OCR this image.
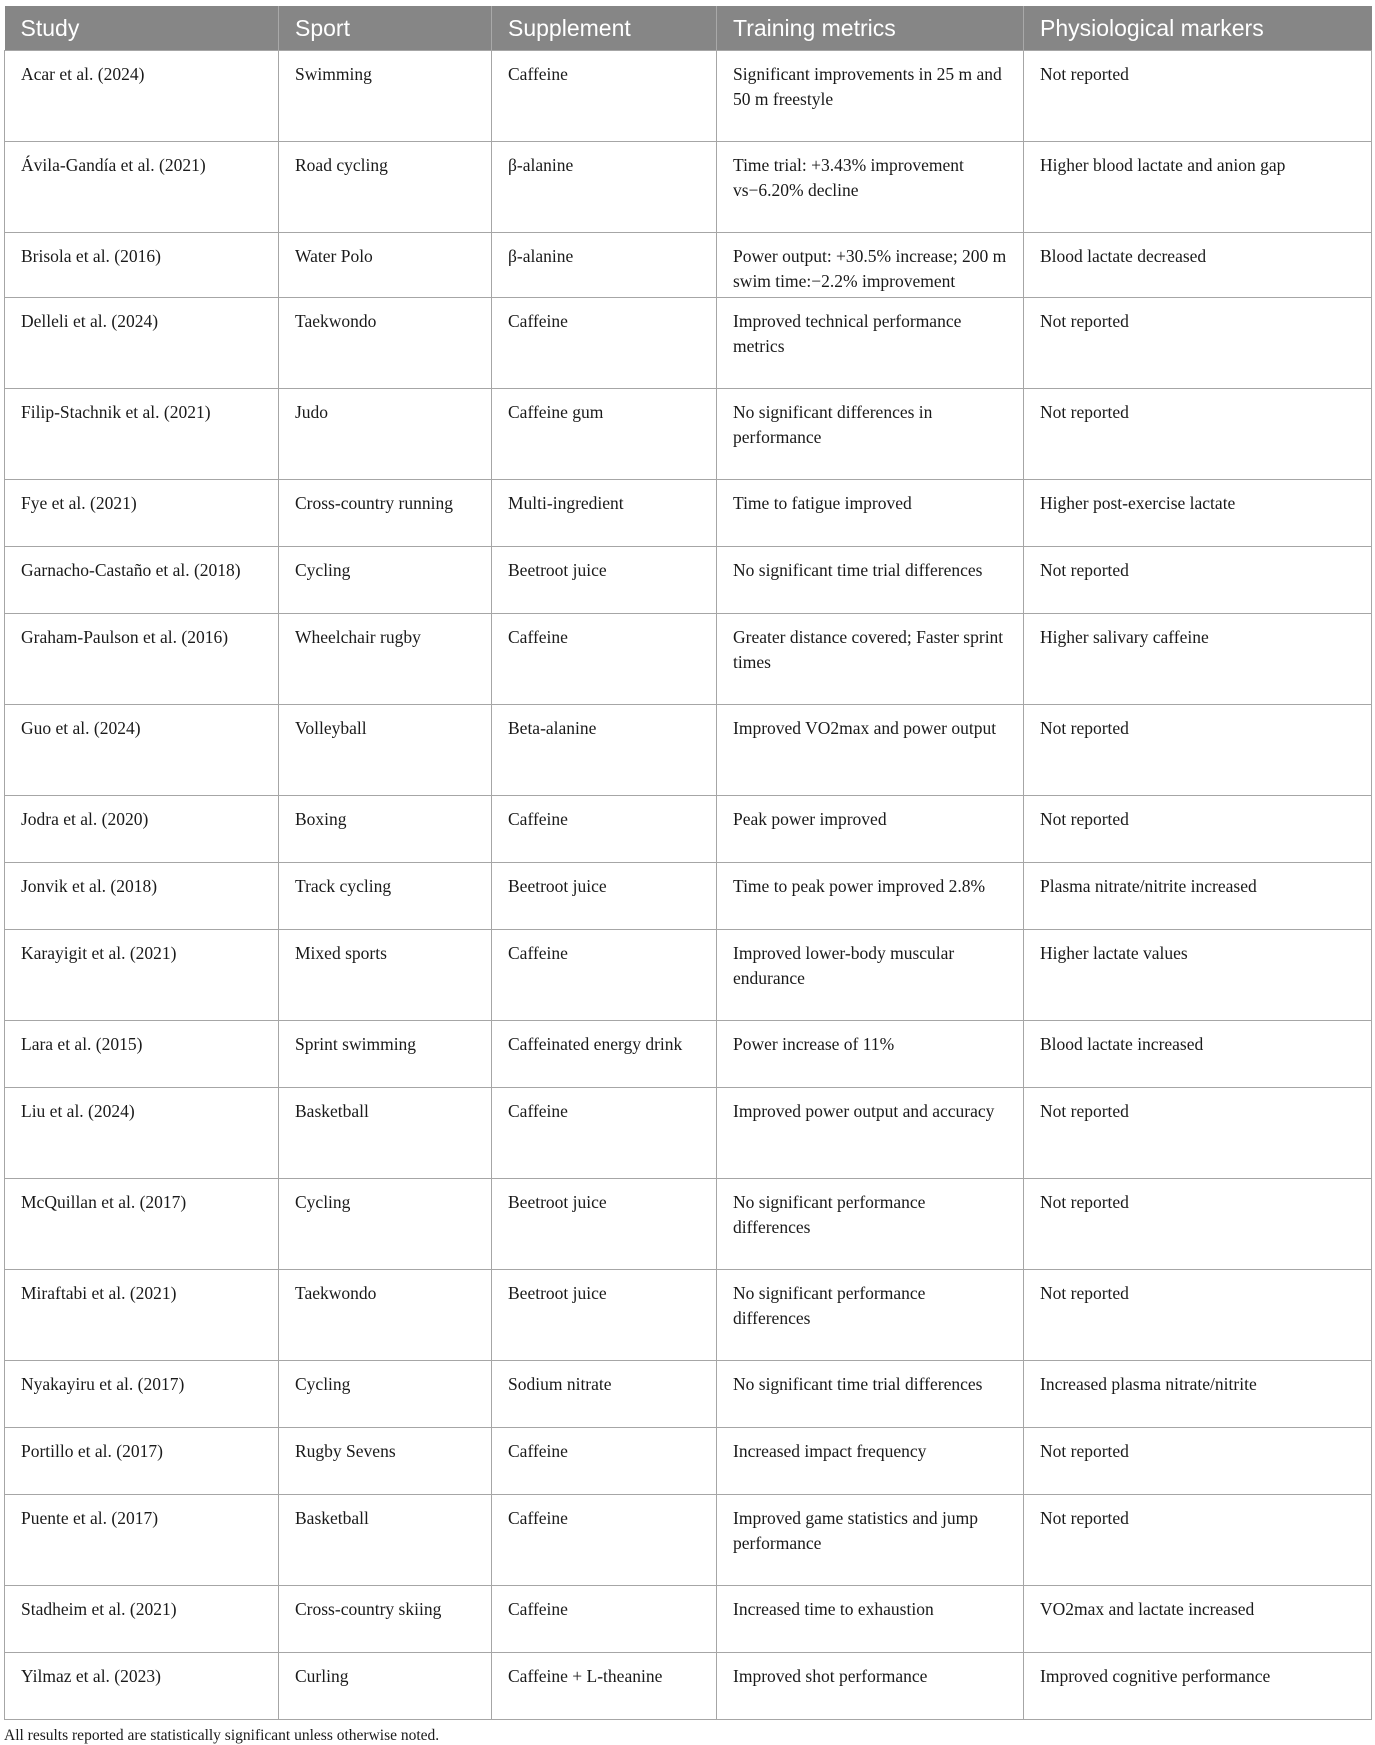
Study	Sport	Supplement	Training metrics	Physiological markers
Acar et al. (2024)	Swimming	Caffeine	Significant improvements in 25 m and 50 m freestyle	Not reported
Ávila-Gandía et al. (2021)	Road cycling	β-alanine	Time trial: +3.43% improvement vs−6.20% decline	Higher blood lactate and anion gap
Brisola et al. (2016)	Water Polo	β-alanine	Power output: +30.5% increase; 200 m swim time:−2.2% improvement	Blood lactate decreased
Delleli et al. (2024)	Taekwondo	Caffeine	Improved technical performance metrics	Not reported
Filip-Stachnik et al. (2021)	Judo	Caffeine gum	No significant differences in performance	Not reported
Fye et al. (2021)	Cross-country running	Multi-ingredient	Time to fatigue improved	Higher post-exercise lactate
Garnacho-Castaño et al. (2018)	Cycling	Beetroot juice	No significant time trial differences	Not reported
Graham-Paulson et al. (2016)	Wheelchair rugby	Caffeine	Greater distance covered; Faster sprint times	Higher salivary caffeine
Guo et al. (2024)	Volleyball	Beta-alanine	Improved VO2max and power output	Not reported
Jodra et al. (2020)	Boxing	Caffeine	Peak power improved	Not reported
Jonvik et al. (2018)	Track cycling	Beetroot juice	Time to peak power improved 2.8%	Plasma nitrate/nitrite increased
Karayigit et al. (2021)	Mixed sports	Caffeine	Improved lower-body muscular endurance	Higher lactate values
Lara et al. (2015)	Sprint swimming	Caffeinated energy drink	Power increase of 11%	Blood lactate increased
Liu et al. (2024)	Basketball	Caffeine	Improved power output and accuracy	Not reported
McQuillan et al. (2017)	Cycling	Beetroot juice	No significant performance differences	Not reported
Miraftabi et al. (2021)	Taekwondo	Beetroot juice	No significant performance differences	Not reported
Nyakayiru et al. (2017)	Cycling	Sodium nitrate	No significant time trial differences	Increased plasma nitrate/nitrite
Portillo et al. (2017)	Rugby Sevens	Caffeine	Increased impact frequency	Not reported
Puente et al. (2017)	Basketball	Caffeine	Improved game statistics and jump performance	Not reported
Stadheim et al. (2021)	Cross-country skiing	Caffeine	Increased time to exhaustion	VO2max and lactate increased
Yilmaz et al. (2023)	Curling	Caffeine + L-theanine	Improved shot performance	Improved cognitive performance
All results reported are statistically significant unless otherwise noted.
